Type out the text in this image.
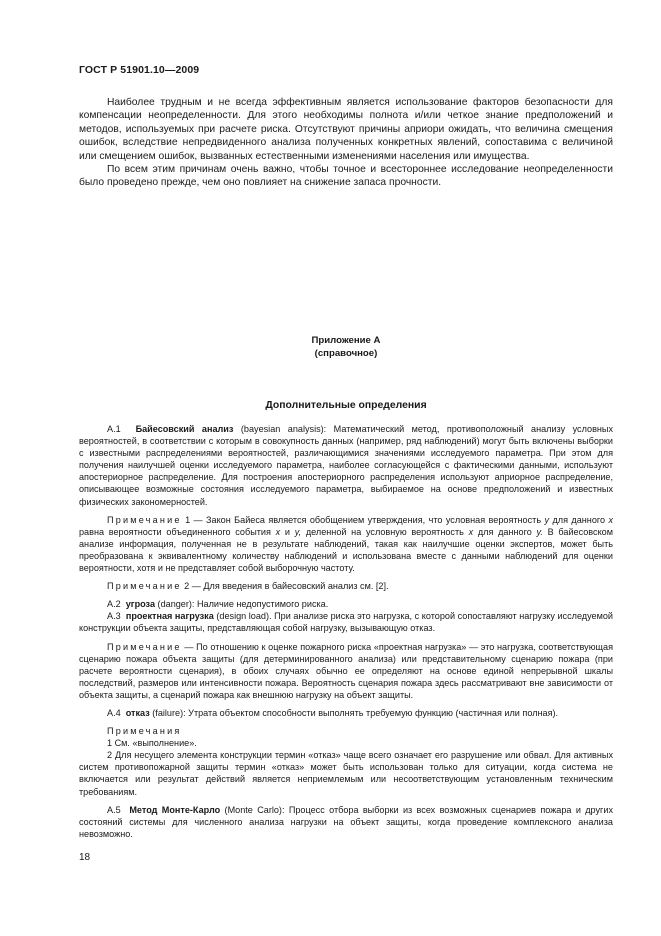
ГОСТ Р 51901.10—2009

Наиболее трудным и не всегда эффективным является использование факторов безопасности для компенсации неопределенности. Для этого необходимы полнота и/или четкое знание предположений и методов, используемых при расчете риска. Отсутствуют причины априори ожидать, что величина смещения ошибок, вследствие непредвиденного анализа полученных конкретных явлений, сопоставима с величиной или смещением ошибок, вызванных естественными изменениями населения или имущества.

По всем этим причинам очень важно, чтобы точное и всестороннее исследование неопределенности было проведено прежде, чем оно повлияет на снижение запаса прочности.

Приложение А
(справочное)
Дополнительные определения

А.1 Байесовский анализ (bayesian analysis): Математический метод, противоположный анализу условных вероятностей, в соответствии с которым в совокупность данных (например, ряд наблюдений) могут быть включены выборки с известными распределениями вероятностей, различающимися значениями исследуемого параметра. При этом для получения наилучшей оценки исследуемого параметра, наиболее согласующейся с фактическими данными, используют апостериорное распределение. Для построения апостериорного распределения используют априорное распределение, описывающее возможные состояния исследуемого параметра, выбираемое на основе предположений и известных физических закономерностей.

Примечание 1 — Закон Байеса является обобщением утверждения, что условная вероятность y для данного x равна вероятности объединенного события x и y, деленной на условную вероятность x для данного y. В байесовском анализе информация, полученная не в результате наблюдений, такая как наилучшие оценки экспертов, может быть преобразована к эквивалентному количеству наблюдений и использована вместе с данными наблюдений для оценки вероятности, хотя и не представляет собой выборочную частоту.

Примечание 2 — Для введения в байесовский анализ см. [2].

А.2 угроза (danger): Наличие недопустимого риска.

А.3 проектная нагрузка (design load). При анализе риска это нагрузка, с которой сопоставляют нагрузку исследуемой конструкции объекта защиты, представляющая собой нагрузку, вызывающую отказ.

Примечание — По отношению к оценке пожарного риска «проектная нагрузка» — это нагрузка, соответствующая сценарию пожара объекта защиты (для детерминированного анализа) или представительному сценарию пожара (при расчете вероятности сценария), в обоих случаях обычно ее определяют на основе единой непрерывной шкалы последствий, размеров или интенсивности пожара. Вероятность сценария пожара здесь рассматривают вне зависимости от объекта защиты, а сценарий пожара как внешнюю нагрузку на объект защиты.

А.4 отказ (failure): Утрата объектом способности выполнять требуемую функцию (частичная или полная).

Примечания

1 См. «выполнение».

2 Для несущего элемента конструкции термин «отказ» чаще всего означает его разрушение или обвал. Для активных систем противопожарной защиты термин «отказ» может быть использован только для ситуации, когда система не включается или результат действий является неприемлемым или несоответствующим установленным техническим требованиям.

А.5 Метод Монте-Карло (Monte Carlo): Процесс отбора выборки из всех возможных сценариев пожара и других состояний системы для численного анализа нагрузки на объект защиты, когда проведение комплексного анализа невозможно.

18
